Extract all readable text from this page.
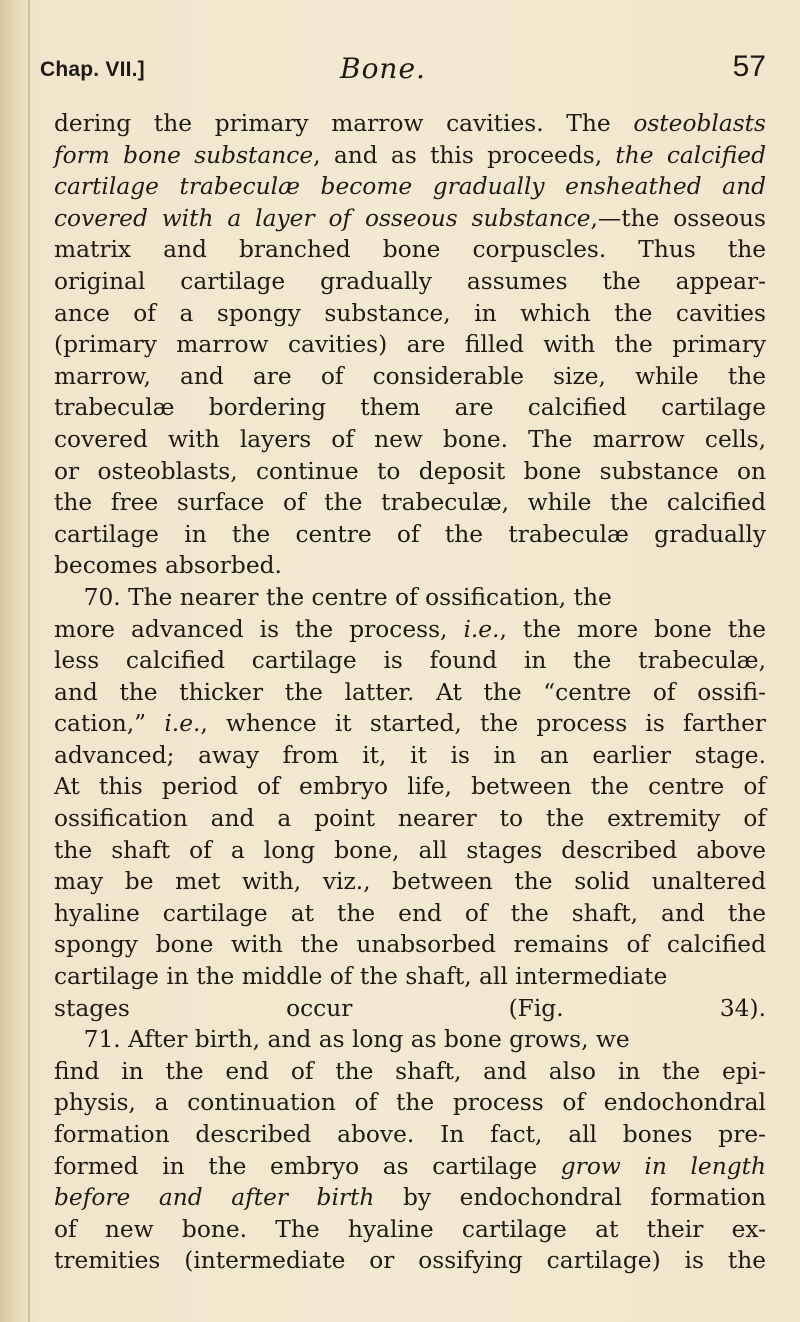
Chap. VII.]	Bone.	57
dering the primary marrow cavities. The osteoblasts
form bone substance, and as this proceeds, the calcified
cartilage trabeculæ become gradually ensheathed and
covered with a layer of osseous substance,—the osseous
matrix and branched bone corpuscles. Thus the
original cartilage gradually assumes the appear-
ance of a spongy substance, in which the cavities
(primary marrow cavities) are filled with the primary
marrow, and are of considerable size, while the
trabeculæ bordering them are calcified cartilage
covered with layers of new bone. The marrow cells,
or osteoblasts, continue to deposit bone substance on
the free surface of the trabeculæ, while the calcified
cartilage in the centre of the trabeculæ gradually
becomes absorbed.
70. The nearer the centre of ossification, the
more advanced is the process, i.e., the more bone the
less calcified cartilage is found in the trabeculæ,
and the thicker the latter. At the “centre of ossifi-
cation,” i.e., whence it started, the process is farther
advanced; away from it, it is in an earlier stage.
At this period of embryo life, between the centre of
ossification and a point nearer to the extremity of
the shaft of a long bone, all stages described above
may be met with, viz., between the solid unaltered
hyaline cartilage at the end of the shaft, and the
spongy bone with the unabsorbed remains of calcified
cartilage in the middle of the shaft, all intermediate
stages occur (Fig. 34).
71. After birth, and as long as bone grows, we
find in the end of the shaft, and also in the epi-
physis, a continuation of the process of endochondral
formation described above. In fact, all bones pre-
formed in the embryo as cartilage grow in length
before and after birth by endochondral formation
of new bone. The hyaline cartilage at their ex-
tremities (intermediate or ossifying cartilage) is the
